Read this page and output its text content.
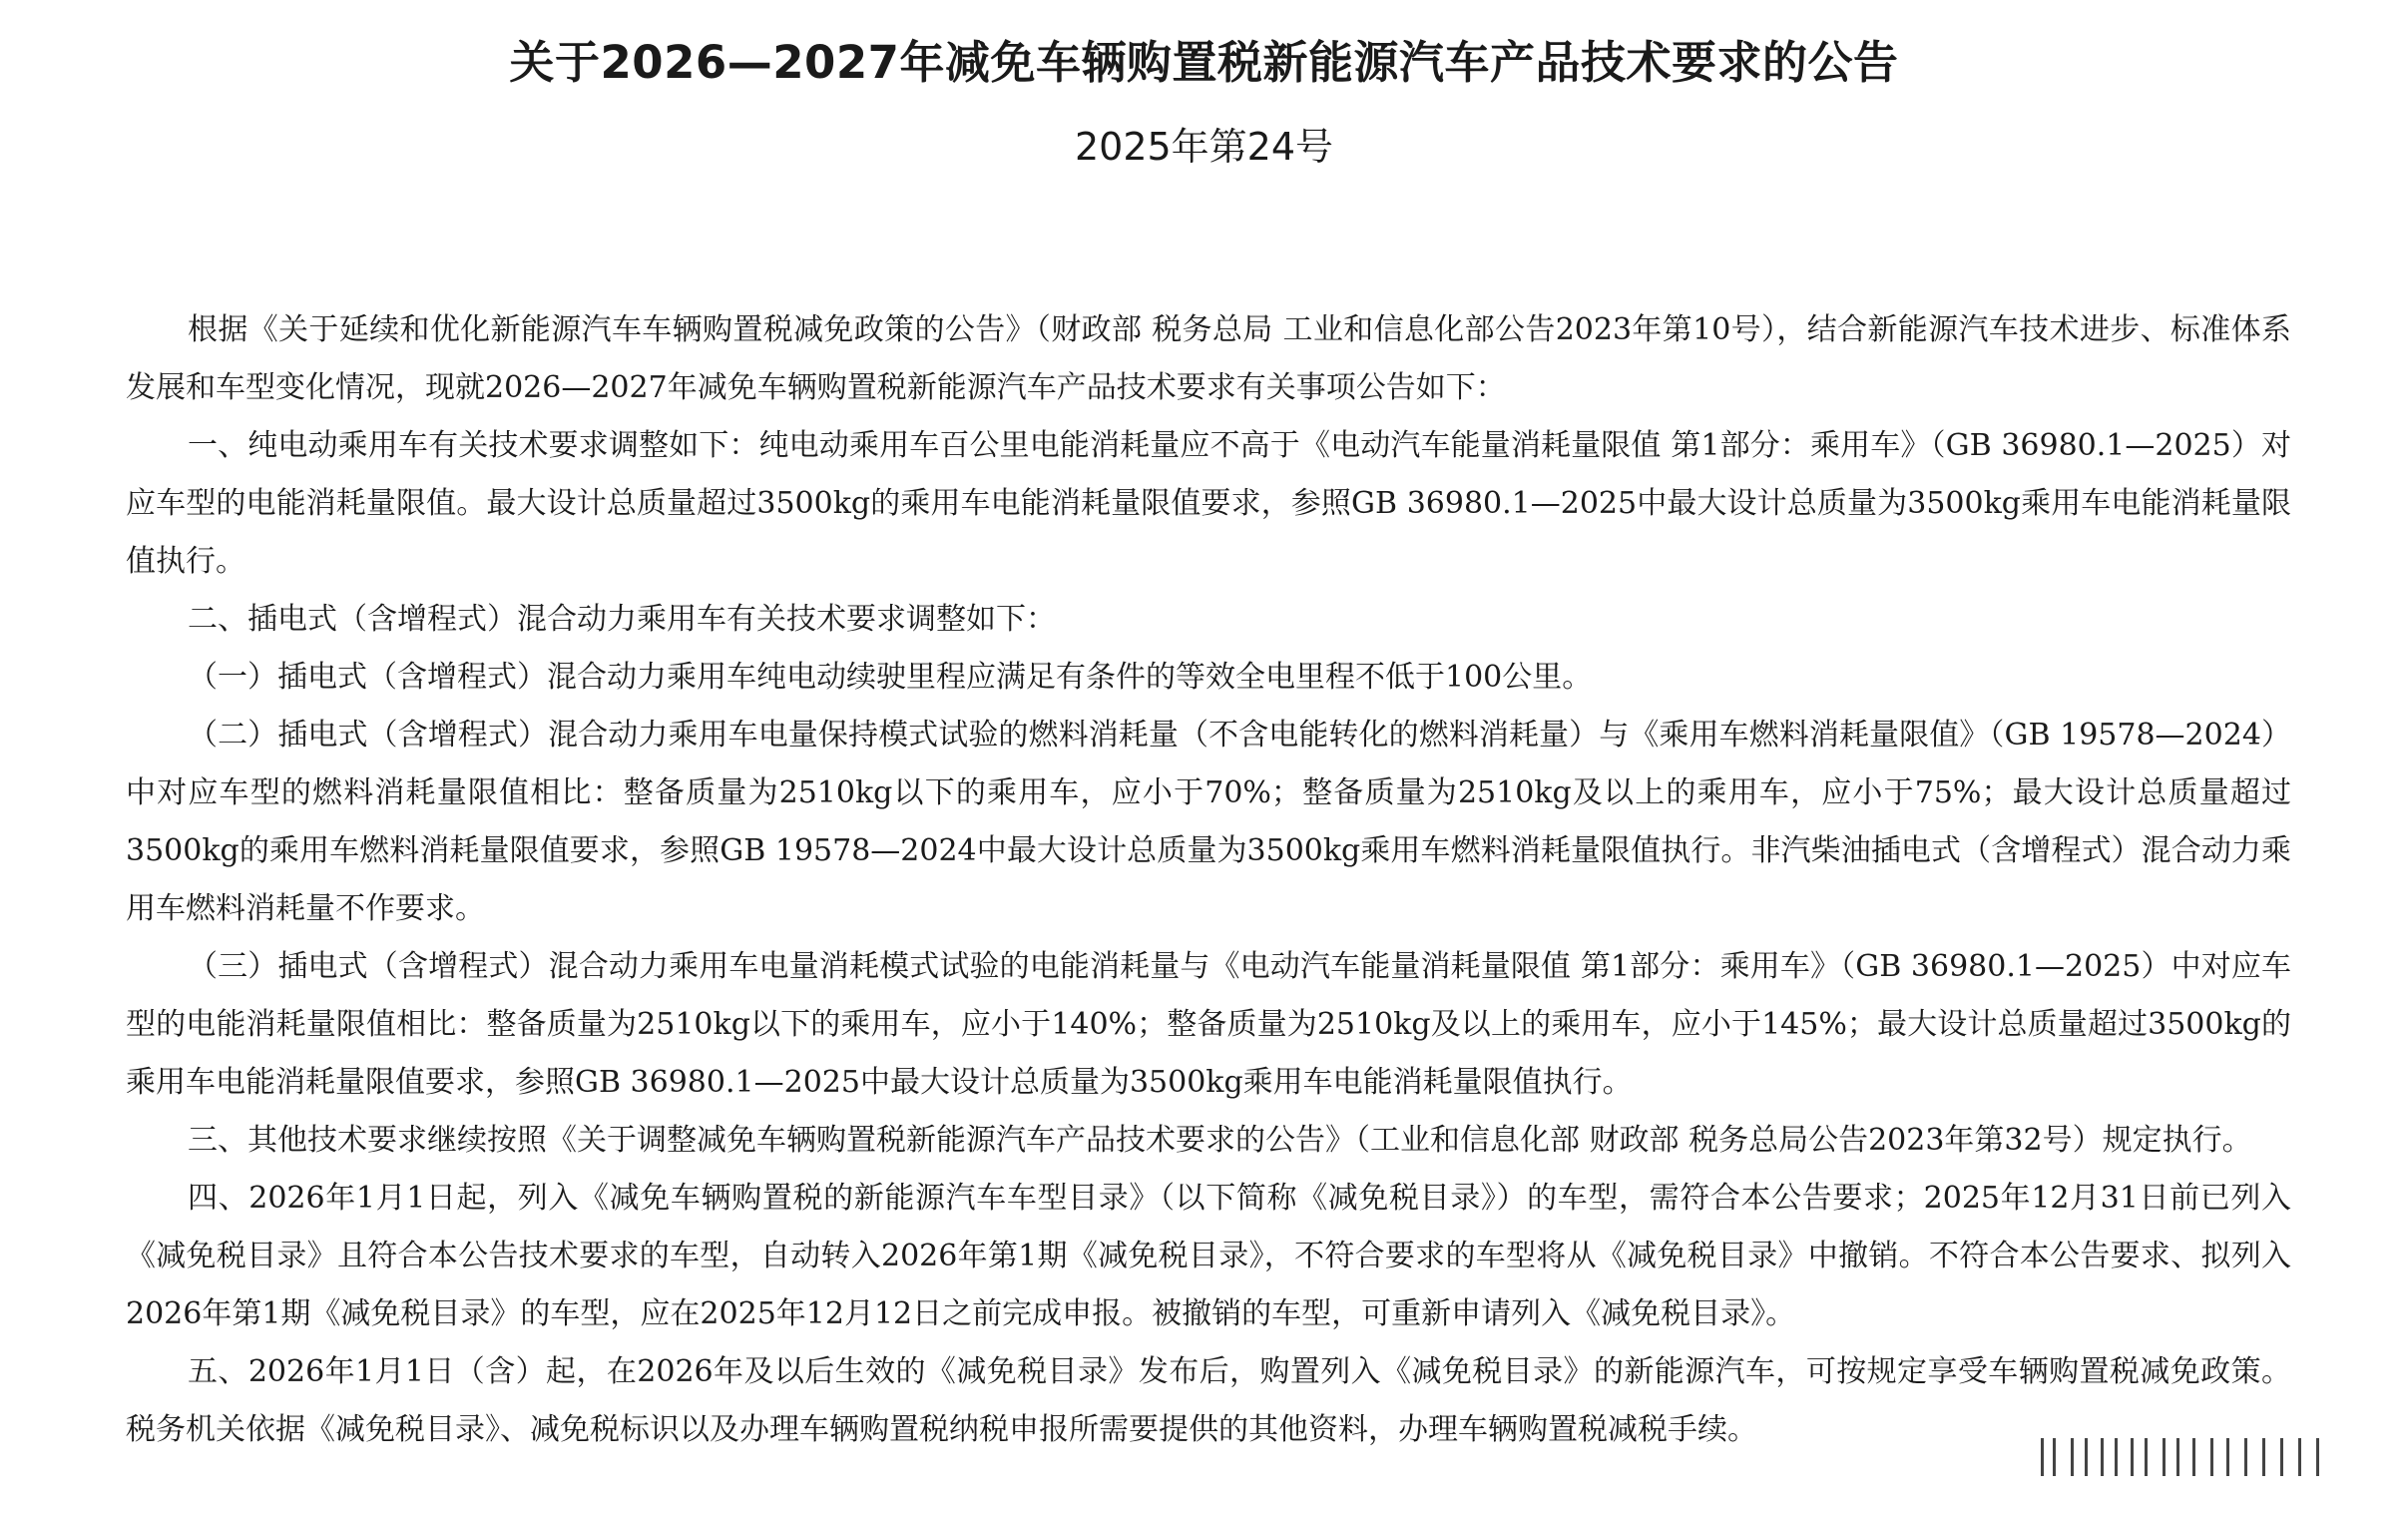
关于2026—2027年减免车辆购置税新能源汽车产品技术要求的公告
2025年第24号

根据《关于延续和优化新能源汽车车辆购置税减免政策的公告》（财政部 税务总局 工业和信息化部公告2023年第10号），结合新能源汽车技术进步、标准体系发展和车型变化情况，现就2026—2027年减免车辆购置税新能源汽车产品技术要求有关事项公告如下：

一、纯电动乘用车有关技术要求调整如下：纯电动乘用车百公里电能消耗量应不高于《电动汽车能量消耗量限值 第1部分：乘用车》（GB 36980.1—2025）对应车型的电能消耗量限值。最大设计总质量超过3500kg的乘用车电能消耗量限值要求，参照GB 36980.1—2025中最大设计总质量为3500kg乘用车电能消耗量限值执行。

二、插电式（含增程式）混合动力乘用车有关技术要求调整如下：

（一）插电式（含增程式）混合动力乘用车纯电动续驶里程应满足有条件的等效全电里程不低于100公里。

（二）插电式（含增程式）混合动力乘用车电量保持模式试验的燃料消耗量（不含电能转化的燃料消耗量）与《乘用车燃料消耗量限值》（GB 19578—2024）中对应车型的燃料消耗量限值相比：整备质量为2510kg以下的乘用车，应小于70%；整备质量为2510kg及以上的乘用车，应小于75%；最大设计总质量超过3500kg的乘用车燃料消耗量限值要求，参照GB 19578—2024中最大设计总质量为3500kg乘用车燃料消耗量限值执行。非汽柴油插电式（含增程式）混合动力乘用车燃料消耗量不作要求。

（三）插电式（含增程式）混合动力乘用车电量消耗模式试验的电能消耗量与《电动汽车能量消耗量限值 第1部分：乘用车》（GB 36980.1—2025）中对应车型的电能消耗量限值相比：整备质量为2510kg以下的乘用车，应小于140%；整备质量为2510kg及以上的乘用车，应小于145%；最大设计总质量超过3500kg的乘用车电能消耗量限值要求，参照GB 36980.1—2025中最大设计总质量为3500kg乘用车电能消耗量限值执行。

三、其他技术要求继续按照《关于调整减免车辆购置税新能源汽车产品技术要求的公告》（工业和信息化部 财政部 税务总局公告2023年第32号）规定执行。

四、2026年1月1日起，列入《减免车辆购置税的新能源汽车车型目录》（以下简称《减免税目录》）的车型，需符合本公告要求；2025年12月31日前已列入《减免税目录》且符合本公告技术要求的车型，自动转入2026年第1期《减免税目录》，不符合要求的车型将从《减免税目录》中撤销。不符合本公告要求、拟列入2026年第1期《减免税目录》的车型，应在2025年12月12日之前完成申报。被撤销的车型，可重新申请列入《减免税目录》。

五、2026年1月1日（含）起，在2026年及以后生效的《减免税目录》发布后，购置列入《减免税目录》的新能源汽车，可按规定享受车辆购置税减免政策。税务机关依据《减免税目录》、减免税标识以及办理车辆购置税纳税申报所需要提供的其他资料，办理车辆购置税减税手续。
